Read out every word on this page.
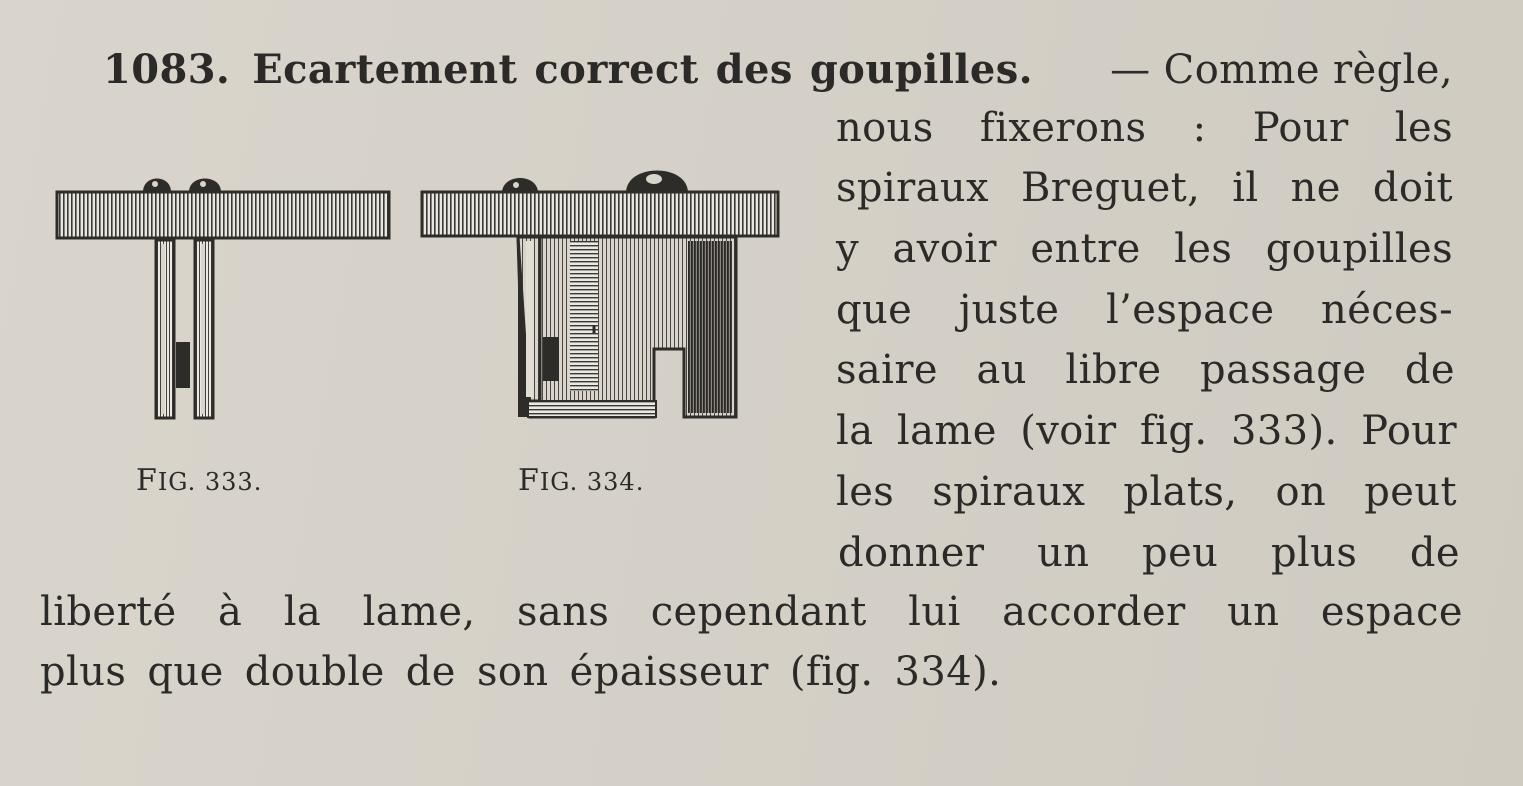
1083. Ecartement correct des goupilles. — Comme règle,
nous fixerons : Pour les
spiraux Breguet, il ne doit
y avoir entre les goupilles
que juste l’espace néces-
saire au libre passage de
la lame (voir fig. 333). Pour
les spiraux plats, on peut
donner un peu plus de
liberté à la lame, sans cependant lui accorder un espace
plus que double de son épaisseur (fig. 334).
FIG. 333.	FIG. 334.
